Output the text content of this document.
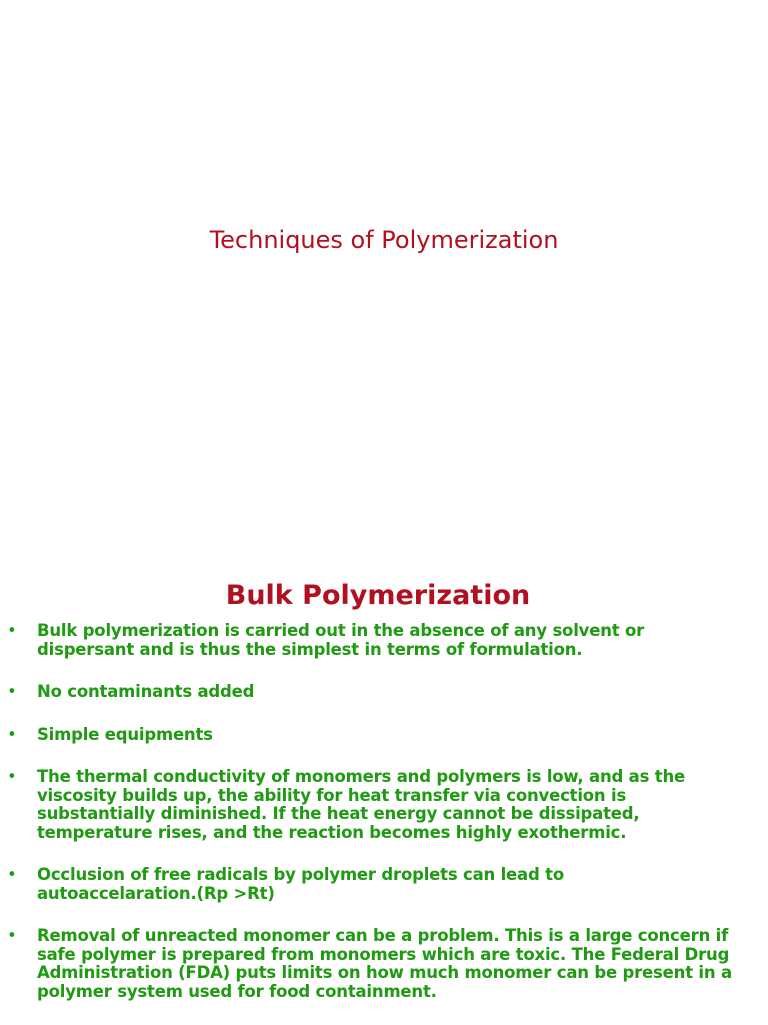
Techniques of Polymerization
Bulk Polymerization
• Bulk polymerization is carried out in the absence of any solvent or
dispersant and is thus the simplest in terms of formulation.
• No contaminants added
• Simple equipments
• The thermal conductivity of monomers and polymers is low, and as the
viscosity builds up, the ability for heat transfer via convection is
substantially diminished. If the heat energy cannot be dissipated,
temperature rises, and the reaction becomes highly exothermic.
• Occlusion of free radicals by polymer droplets can lead to
autoaccelaration.(Rp >Rt)
• Removal of unreacted monomer can be a problem. This is a large concern if
safe polymer is prepared from monomers which are toxic. The Federal Drug
Administration (FDA) puts limits on how much monomer can be present in a
polymer system used for food containment.
